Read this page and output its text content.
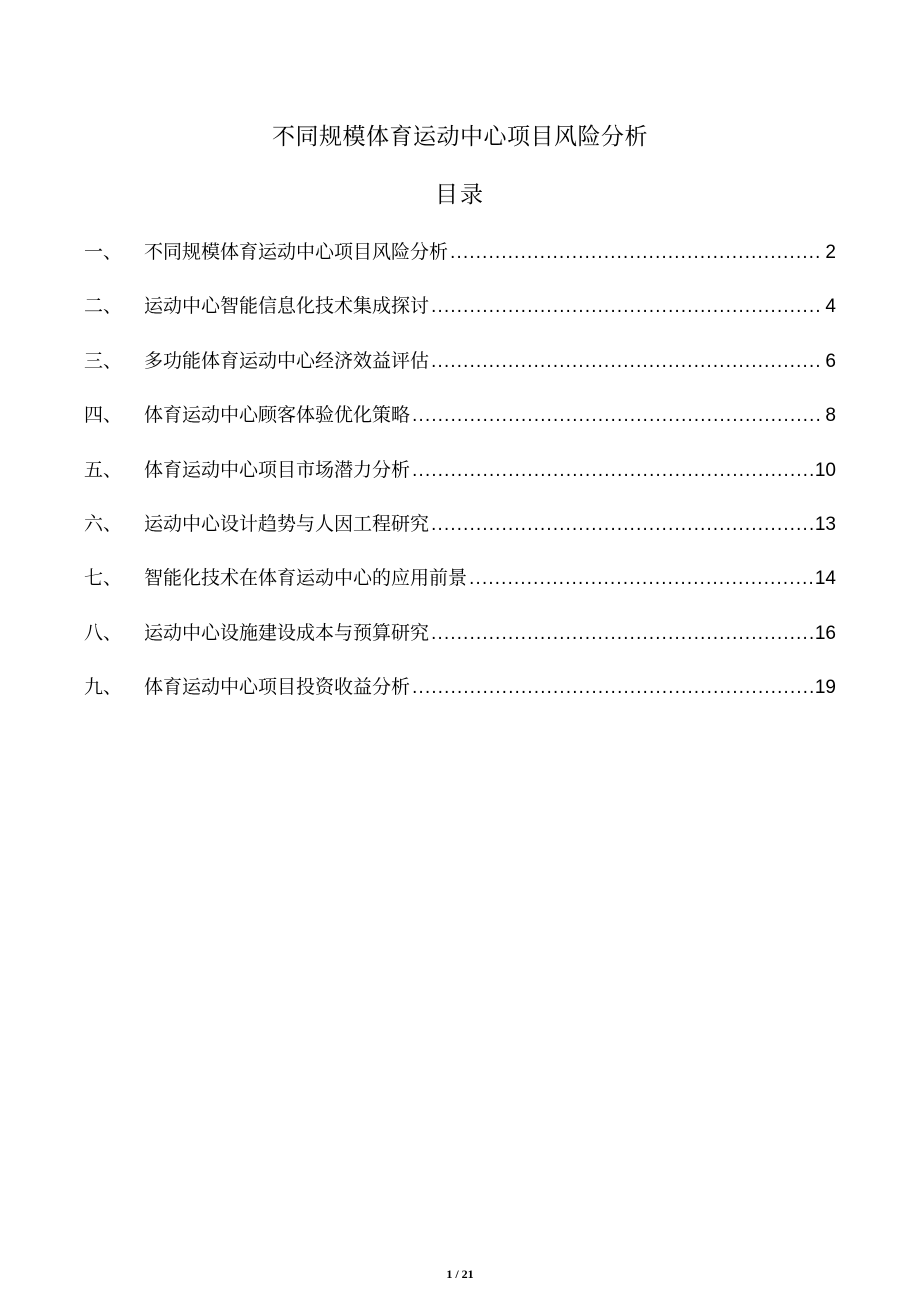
不同规模体育运动中心项目风险分析
目录
一、	不同规模体育运动中心项目风险分析 .....	2
二、	运动中心智能信息化技术集成探讨 .....	4
三、	多功能体育运动中心经济效益评估 .....	6
四、	体育运动中心顾客体验优化策略 .....	8
五、	体育运动中心项目市场潜力分析 .....	10
六、	运动中心设计趋势与人因工程研究 .....	13
七、	智能化技术在体育运动中心的应用前景 .....	14
八、	运动中心设施建设成本与预算研究 .....	16
九、	体育运动中心项目投资收益分析 .....	19
1 / 21
